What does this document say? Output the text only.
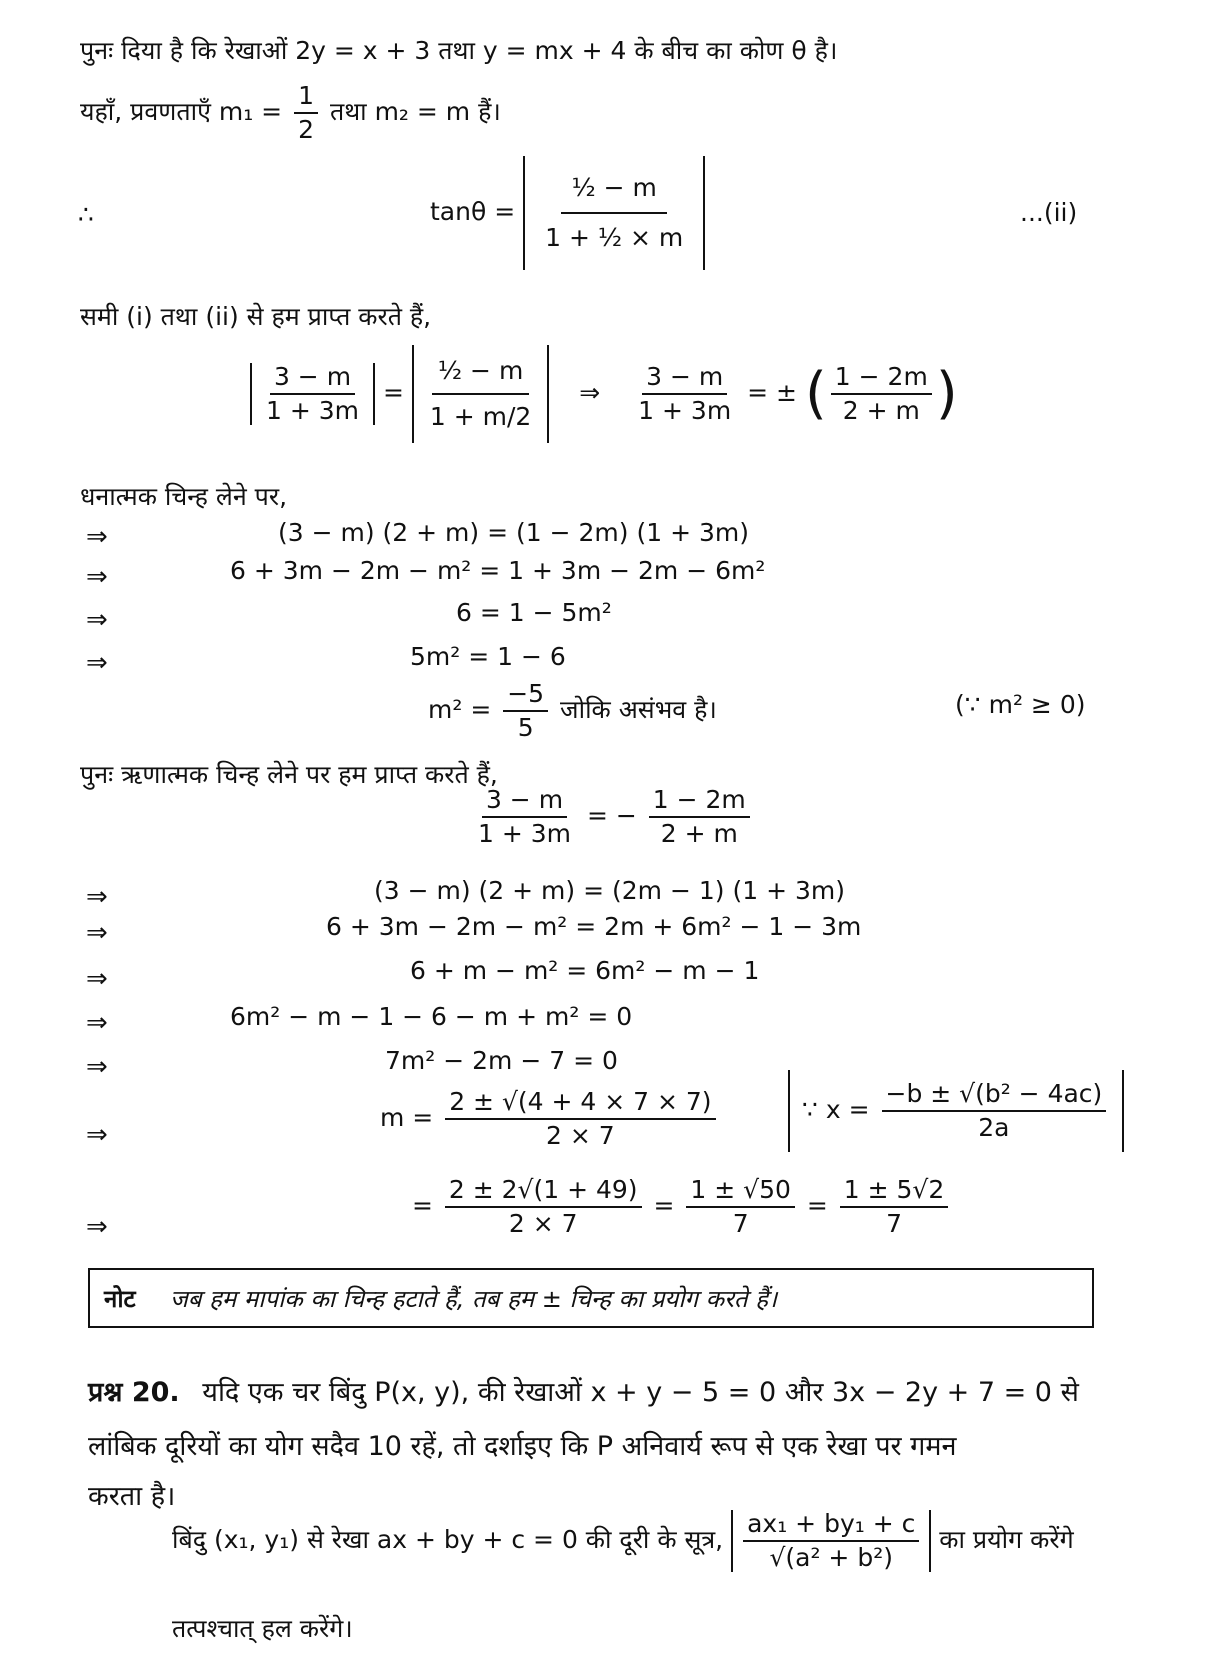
पुनः दिया है कि रेखाओं 2y = x + 3 तथा y = mx + 4 के बीच का कोण θ है।
यहाँ, प्रवणताएँ $m_1 = \frac{1}{2}$ तथा m₂ = m हैं।
∴	$\tan\theta = \frac{\text{½ − m}}{\text{1 + ½ × m}}$	...(ii)
समी (i) तथा (ii) से हम प्राप्त करते हैं,
$\frac{3 - m}{1 + 3m} = \frac{\text{½ − m}}{1 + m/2}$ ⇒ $\frac{3 - m}{1 + 3m}$ = ± ( $\frac{1 - 2m}{2 + m}$ )
धनात्मक चिन्ह लेने पर,
⇒	(3 − m) (2 + m) = (1 − 2m) (1 + 3m)
⇒	6 + 3m − 2m − m² = 1 + 3m − 2m − 6m²
⇒	6 = 1 − 5m²
⇒	5m² = 1 − 6
$m^2 = \frac{-5}{5}$ जोकि असंभव है।	(∵ m² ≥ 0)
पुनः ऋणात्मक चिन्ह लेने पर हम प्राप्त करते हैं,
$\frac{3 - m}{1 + 3m}$ = − $\frac{1 - 2m}{2 + m}$
⇒	(3 − m) (2 + m) = (2m − 1) (1 + 3m)
⇒	6 + 3m − 2m − m² = 2m + 6m² − 1 − 3m
⇒	6 + m − m² = 6m² − m − 1
⇒	6m² − m − 1 − 6 − m + m² = 0
⇒	7m² − 2m − 7 = 0
⇒
$m = \frac{2 \pm √(4 + 4 \times 7 \times 7)}{2 \times 7}$	∵ $x = \frac{\text{−b ± √(b² − 4ac)}}{2a}$
⇒
= $\frac{2 \pm 2√(1 + 49)}{2 \times 7} = \frac{1 \pm √50}{7} = \frac{1 \pm 5√2}{7}$
नोट जब हम मापांक का चिन्ह हटाते हैं, तब हम ± चिन्ह का प्रयोग करते हैं।
प्रश्न 20. यदि एक चर बिंदु P(x, y), की रेखाओं x + y − 5 = 0 और 3x − 2y + 7 = 0 से
लांबिक दूरियों का योग सदैव 10 रहें, तो दर्शाइए कि P अनिवार्य रूप से एक रेखा पर गमन
करता है।
बिंदु (x₁, y₁) से रेखा ax + by + c = 0 की दूरी के सूत्र, $\frac{\text{ax₁ + by₁ + c}}{\text{√(a² + b²)}}$ का प्रयोग करेंगे
तत्पश्चात् हल करेंगे।
